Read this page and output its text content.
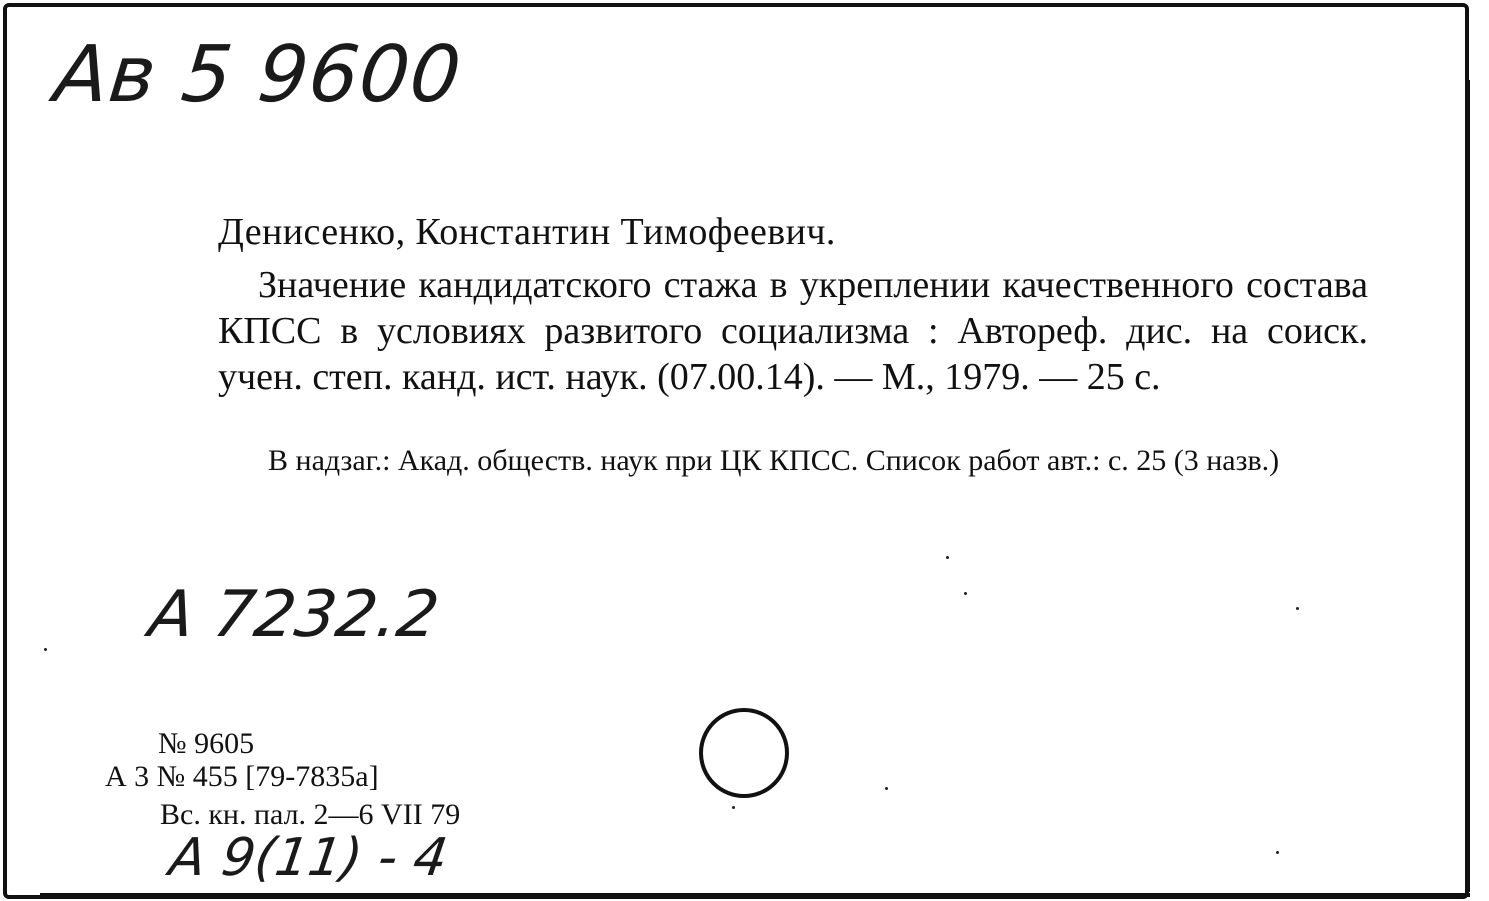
Ав 5 9600
Денисенко, Константин Тимофеевич.
Значение кандидатского стажа в укреплении качественного состава КПСС в условиях развитого социализма : Автореф. дис. на соиск. учен. степ. канд. ист. наук. (07.00.14). — М., 1979. — 25 с.
В надзаг.: Акад. обществ. наук при ЦК КПСС. Список работ авт.: с. 25 (3 назв.)
А 7232.2
№ 9605
А 3 № 455 [79-7835а]
Вс. кн. пал. 2—6 VII 79
А 9(11) - 4
